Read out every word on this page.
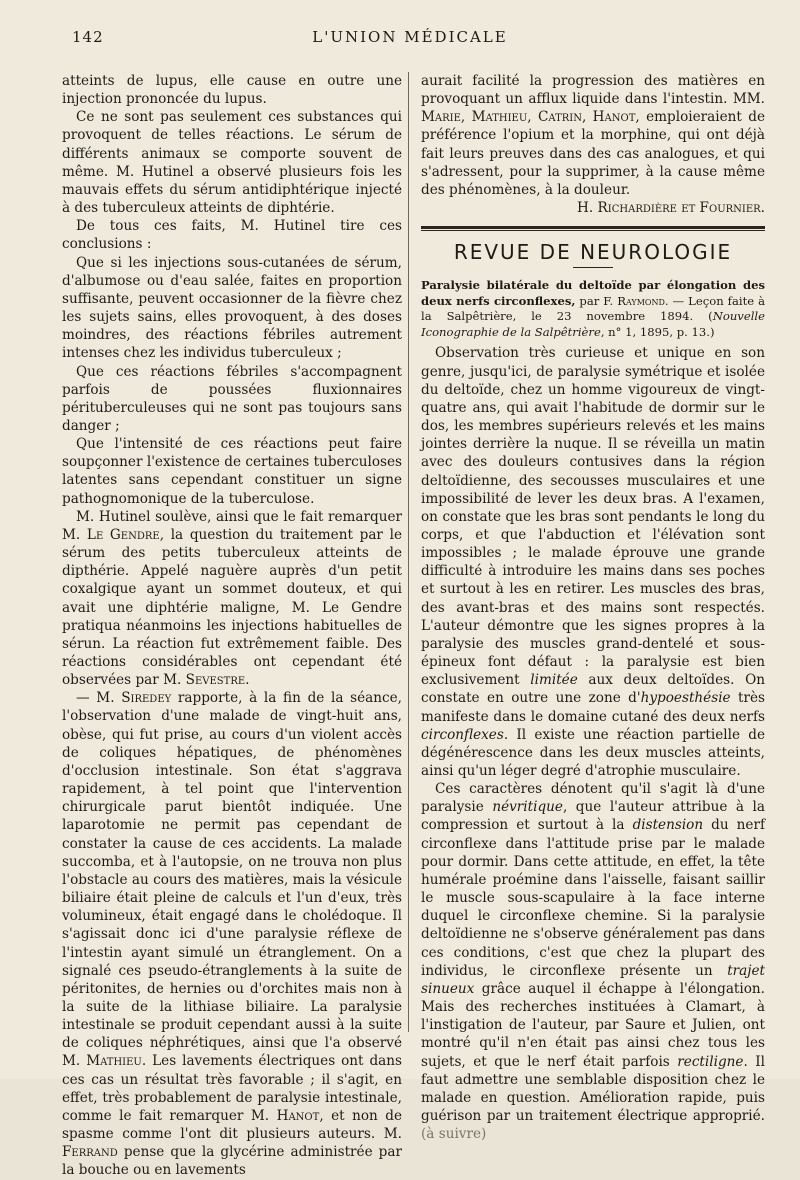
142	L'UNION MÉDICALE

atteints de lupus, elle cause en outre une injection prononcée du lupus.

Ce ne sont pas seulement ces substances qui provoquent de telles réactions. Le sérum de différents animaux se comporte souvent de même. M. Hutinel a observé plusieurs fois les mauvais effets du sérum antidiphtérique injecté à des tuberculeux atteints de diphtérie.

De tous ces faits, M. Hutinel tire ces conclusions :

Que si les injections sous-cutanées de sérum, d'albumose ou d'eau salée, faites en proportion suffisante, peuvent occasionner de la fièvre chez les sujets sains, elles provoquent, à des doses moindres, des réactions fébriles autrement intenses chez les individus tuberculeux ;

Que ces réactions fébriles s'accompagnent parfois de poussées fluxionnaires pérituberculeuses qui ne sont pas toujours sans danger ;

Que l'intensité de ces réactions peut faire soupçonner l'existence de certaines tuberculoses latentes sans cependant constituer un signe pathognomonique de la tuberculose.

M. Hutinel soulève, ainsi que le fait remarquer M. Le Gendre, la question du traitement par le sérum des petits tuberculeux atteints de dipthérie. Appelé naguère auprès d'un petit coxalgique ayant un sommet douteux, et qui avait une diphtérie maligne, M. Le Gendre pratiqua néanmoins les injections habituelles de sérun. La réaction fut extrêmement faible. Des réactions considérables ont cependant été observées par M. Sevestre.

— M. Siredey rapporte, à la fin de la séance, l'observation d'une malade de vingt-huit ans, obèse, qui fut prise, au cours d'un violent accès de coliques hépatiques, de phénomènes d'occlusion intestinale. Son état s'aggrava rapidement, à tel point que l'intervention chirurgicale parut bientôt indiquée. Une laparotomie ne permit pas cependant de constater la cause de ces accidents. La malade succomba, et à l'autopsie, on ne trouva non plus l'obstacle au cours des matières, mais la vésicule biliaire était pleine de calculs et l'un d'eux, très volumineux, était engagé dans le cholédoque. Il s'agissait donc ici d'une paralysie réflexe de l'intestin ayant simulé un étranglement. On a signalé ces pseudo-étranglements à la suite de péritonites, de hernies ou d'orchites mais non à la suite de la lithiase biliaire. La paralysie intestinale se produit cependant aussi à la suite de coliques néphrétiques, ainsi que l'a observé M. Mathieu. Les lavements électriques ont dans ces cas un résultat très favorable ; il s'agit, en effet, très probablement de paralysie intestinale, comme le fait remarquer M. Hanot, et non de spasme comme l'ont dit plusieurs auteurs. M. Ferrand pense que la glycérine administrée par la bouche ou en lavements

aurait facilité la progression des matières en provoquant un afflux liquide dans l'intestin. MM. Marie, Mathieu, Catrin, Hanot, emploieraient de préférence l'opium et la morphine, qui ont déjà fait leurs preuves dans des cas analogues, et qui s'adressent, pour la supprimer, à la cause même des phénomènes, à la douleur.

H. Richardière et Fournier.
REVUE DE NEUROLOGIE
Paralysie bilatérale du deltoïde par élongation des deux nerfs circonflexes, par F. Raymond. — Leçon faite à la Salpêtrière, le 23 novembre 1894. (Nouvelle Iconographie de la Salpêtrière, n° 1, 1895, p. 13.)

Observation très curieuse et unique en son genre, jusqu'ici, de paralysie symétrique et isolée du deltoïde, chez un homme vigoureux de vingt-quatre ans, qui avait l'habitude de dormir sur le dos, les membres supérieurs relevés et les mains jointes derrière la nuque. Il se réveilla un matin avec des douleurs contusives dans la région deltoïdienne, des secousses musculaires et une impossibilité de lever les deux bras. A l'examen, on constate que les bras sont pendants le long du corps, et que l'abduction et l'élévation sont impossibles ; le malade éprouve une grande difficulté à introduire les mains dans ses poches et surtout à les en retirer. Les muscles des bras, des avant-bras et des mains sont respectés. L'auteur démontre que les signes propres à la paralysie des muscles grand-dentelé et sous-épineux font défaut : la paralysie est bien exclusivement limitée aux deux deltoïdes. On constate en outre une zone d'hypoesthésie très manifeste dans le domaine cutané des deux nerfs circonflexes. Il existe une réaction partielle de dégénérescence dans les deux muscles atteints, ainsi qu'un léger degré d'atrophie musculaire.

Ces caractères dénotent qu'il s'agit là d'une paralysie névritique, que l'auteur attribue à la compression et surtout à la distension du nerf circonflexe dans l'attitude prise par le malade pour dormir. Dans cette attitude, en effet, la tête humérale proémine dans l'aisselle, faisant saillir le muscle sous-scapulaire à la face interne duquel le circonflexe chemine. Si la paralysie deltoïdienne ne s'observe généralement pas dans ces conditions, c'est que chez la plupart des individus, le circonflexe présente un trajet sinueux grâce auquel il échappe à l'élongation. Mais des recherches instituées à Clamart, à l'instigation de l'auteur, par Saure et Julien, ont montré qu'il n'en était pas ainsi chez tous les sujets, et que le nerf était parfois rectiligne. Il faut admettre une semblable disposition chez le malade en question. Amélioration rapide, puis guérison par un traitement électrique approprié. (à suivre)
